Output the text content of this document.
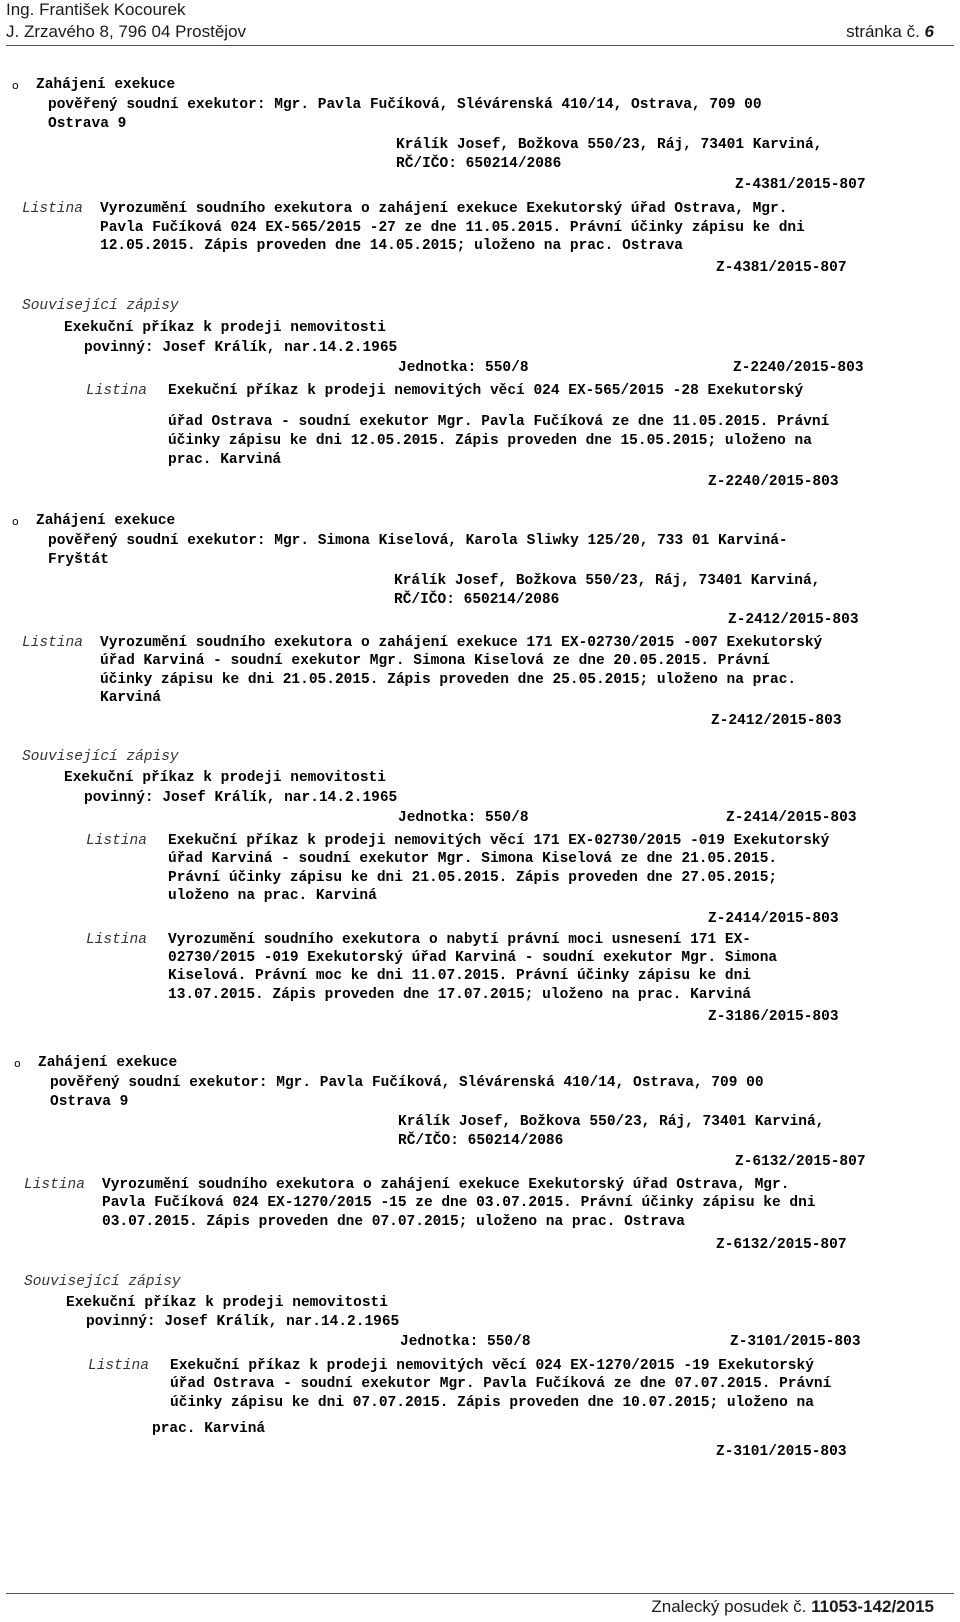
Ing. František Kocourek
J. Zrzavého 8, 796 04 Prostějov	stránka č. 6
o Zahájení exekuce
pověřený soudní exekutor: Mgr. Pavla Fučíková, Slévárenská 410/14, Ostrava, 709 00
Ostrava 9
Králík Josef, Božkova 550/23, Ráj, 73401 Karviná,
RČ/IČO: 650214/2086
Z-4381/2015-807
Listina Vyrozumění soudního exekutora o zahájení exekuce Exekutorský úřad Ostrava, Mgr.
Pavla Fučíková 024 EX-565/2015 -27 ze dne 11.05.2015. Právní účinky zápisu ke dni
12.05.2015. Zápis proveden dne 14.05.2015; uloženo na prac. Ostrava
Z-4381/2015-807
Související zápisy
Exekuční příkaz k prodeji nemovitosti
povinný: Josef Králík, nar.14.2.1965
Jednotka: 550/8	Z-2240/2015-803
Listina Exekuční příkaz k prodeji nemovitých věcí 024 EX-565/2015 -28 Exekutorský
úřad Ostrava - soudní exekutor Mgr. Pavla Fučíková ze dne 11.05.2015. Právní
účinky zápisu ke dni 12.05.2015. Zápis proveden dne 15.05.2015; uloženo na
prac. Karviná
Z-2240/2015-803
o Zahájení exekuce
pověřený soudní exekutor: Mgr. Simona Kiselová, Karola Sliwky 125/20, 733 01 Karviná-
Fryštát
Králík Josef, Božkova 550/23, Ráj, 73401 Karviná,
RČ/IČO: 650214/2086
Z-2412/2015-803
Listina Vyrozumění soudního exekutora o zahájení exekuce 171 EX-02730/2015 -007 Exekutorský
úřad Karviná - soudní exekutor Mgr. Simona Kiselová ze dne 20.05.2015. Právní
účinky zápisu ke dni 21.05.2015. Zápis proveden dne 25.05.2015; uloženo na prac.
Karviná
Z-2412/2015-803
Související zápisy
Exekuční příkaz k prodeji nemovitosti
povinný: Josef Králík, nar.14.2.1965
Jednotka: 550/8	Z-2414/2015-803
Listina Exekuční příkaz k prodeji nemovitých věcí 171 EX-02730/2015 -019 Exekutorský
úřad Karviná - soudní exekutor Mgr. Simona Kiselová ze dne 21.05.2015.
Právní účinky zápisu ke dni 21.05.2015. Zápis proveden dne 27.05.2015;
uloženo na prac. Karviná
Z-2414/2015-803
Listina Vyrozumění soudního exekutora o nabytí právní moci usnesení 171 EX-
02730/2015 -019 Exekutorský úřad Karviná - soudní exekutor Mgr. Simona
Kiselová. Právní moc ke dni 11.07.2015. Právní účinky zápisu ke dni
13.07.2015. Zápis proveden dne 17.07.2015; uloženo na prac. Karviná
Z-3186/2015-803
o Zahájení exekuce
pověřený soudní exekutor: Mgr. Pavla Fučíková, Slévárenská 410/14, Ostrava, 709 00
Ostrava 9
Králík Josef, Božkova 550/23, Ráj, 73401 Karviná,
RČ/IČO: 650214/2086
Z-6132/2015-807
Listina Vyrozumění soudního exekutora o zahájení exekuce Exekutorský úřad Ostrava, Mgr.
Pavla Fučíková 024 EX-1270/2015 -15 ze dne 03.07.2015. Právní účinky zápisu ke dni
03.07.2015. Zápis proveden dne 07.07.2015; uloženo na prac. Ostrava
Z-6132/2015-807
Související zápisy
Exekuční příkaz k prodeji nemovitosti
povinný: Josef Králík, nar.14.2.1965
Jednotka: 550/8	Z-3101/2015-803
Listina Exekuční příkaz k prodeji nemovitých věcí 024 EX-1270/2015 -19 Exekutorský
úřad Ostrava - soudní exekutor Mgr. Pavla Fučíková ze dne 07.07.2015. Právní
účinky zápisu ke dni 07.07.2015. Zápis proveden dne 10.07.2015; uloženo na
prac. Karviná
Z-3101/2015-803
Znalecký posudek č. 11053-142/2015
